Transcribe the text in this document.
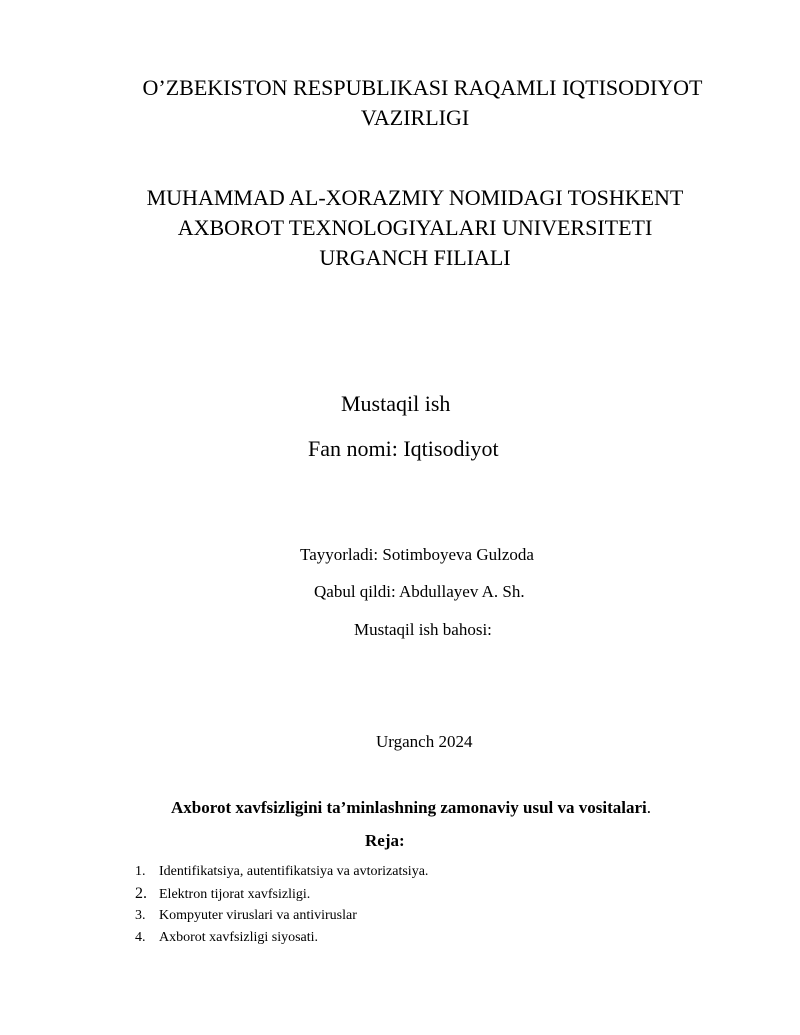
O’ZBEKISTON RESPUBLIKASI RAQAMLI IQTISODIYOT
VAZIRLIGI
MUHAMMAD AL-XORAZMIY NOMIDAGI TOSHKENT
AXBOROT TEXNOLOGIYALARI UNIVERSITETI
URGANCH FILIALI
Mustaqil ish
Fan nomi: Iqtisodiyot
Tayyorladi: Sotimboyeva Gulzoda
Qabul qildi: Abdullayev A. Sh.
Mustaqil ish bahosi:
Urganch 2024
Axborot xavfsizligini ta’minlashning zamonaviy usul va vositalari.
Reja:
1. Identifikatsiya, autentifikatsiya va avtorizatsiya.
2. Elektron tijorat xavfsizligi.
3. Kompyuter viruslari va antiviruslar
4. Axborot xavfsizligi siyosati.
